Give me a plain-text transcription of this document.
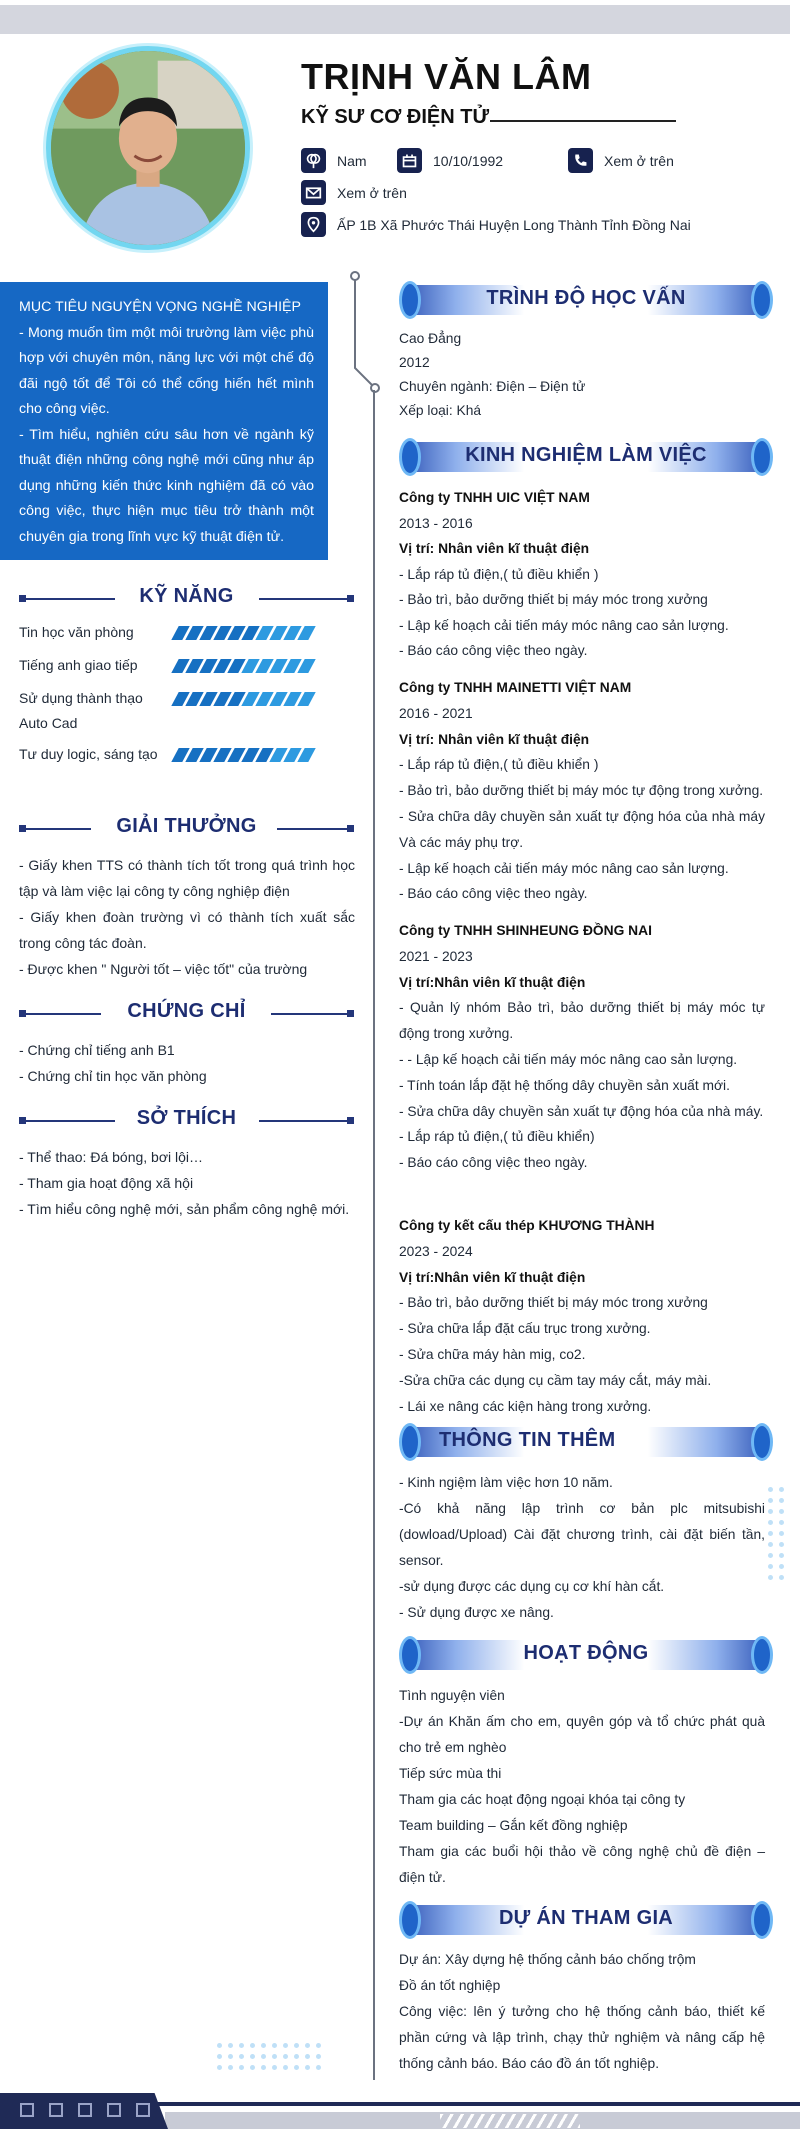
TRỊNH VĂN LÂM
KỸ SƯ CƠ ĐIỆN TỬ
Nam	10/10/1992	Xem ở trên
Xem ở trên
ẤP 1B Xã Phước Thái Huyện Long Thành Tỉnh Đồng Nai
MỤC TIÊU NGUYỆN VỌNG NGHỀ NGHIỆP
- Mong muốn tìm một môi trường làm việc phù hợp với chuyên môn, năng lực với một chế độ đãi ngộ tốt để Tôi có thể cống hiến hết mình cho công việc.
- Tìm hiểu, nghiên cứu sâu hơn về ngành kỹ thuật điện những công nghệ mới cũng như áp dụng những kiến thức kinh nghiệm đã có vào công việc, thực hiện mục tiêu trở thành một chuyên gia trong lĩnh vực kỹ thuật điện tử.
KỸ NĂNG
Tin học văn phòng
Tiếng anh giao tiếp
Sử dụng thành thạo Auto Cad
Tư duy logic, sáng tạo
GIẢI THƯỞNG
- Giấy khen TTS có thành tích tốt trong quá trình học tập và làm việc lại công ty công nghiệp điện
- Giấy khen đoàn trường vì có thành tích xuất sắc trong công tác đoàn.
- Được khen " Người tốt – việc tốt" của trường
CHỨNG CHỈ
- Chứng chỉ tiếng anh B1
- Chứng chỉ tin học văn phòng
SỞ THÍCH
- Thể thao: Đá bóng, bơi lội…
- Tham gia hoạt động xã hội
- Tìm hiểu công nghệ mới, sản phẩm công nghệ mới.
TRÌNH ĐỘ HỌC VẤN
Cao Đẳng
2012
Chuyên ngành: Điện – Điện tử
Xếp loại: Khá
KINH NGHIỆM LÀM VIỆC
Công ty TNHH UIC VIỆT NAM
2013 - 2016
Vị trí: Nhân viên kĩ thuật điện
- Lắp ráp tủ điện,( tủ điều khiển )
- Bảo trì, bảo dưỡng thiết bị máy móc trong xưởng
- Lập kế hoạch cải tiến máy móc nâng cao sản lượng.
- Báo cáo công việc theo ngày.
Công ty TNHH MAINETTI VIỆT NAM
2016 - 2021
Vị trí: Nhân viên kĩ thuật điện
- Lắp ráp tủ điện,( tủ điều khiển )
- Bảo trì, bảo dưỡng thiết bị máy móc tự động trong xưởng.
- Sửa chữa dây chuyền sản xuất tự động hóa của nhà máy Và các máy phụ trợ.
- Lập kế hoạch cải tiến máy móc nâng cao sản lượng.
- Báo cáo công việc theo ngày.
Công ty TNHH SHINHEUNG ĐỒNG NAI
2021 - 2023
Vị trí:Nhân viên kĩ thuật điện
- Quản lý nhóm Bảo trì, bảo dưỡng thiết bị máy móc tự động trong xưởng.
- - Lập kế hoạch cải tiến máy móc nâng cao sản lượng.
- Tính toán lắp đặt hệ thống dây chuyền sản xuất mới.
- Sửa chữa dây chuyền sản xuất tự động hóa của nhà máy.
- Lắp ráp tủ điện,( tủ điều khiển)
- Báo cáo công việc theo ngày.
Công ty kết cấu thép KHƯƠNG THÀNH
2023 - 2024
Vị trí:Nhân viên kĩ thuật điện
- Bảo trì, bảo dưỡng thiết bị máy móc trong xưởng
- Sửa chữa lắp đặt cấu trục trong xưởng.
- Sửa chữa máy hàn mig, co2.
-Sửa chữa các dụng cụ cầm tay máy cắt, máy mài.
- Lái xe nâng các kiện hàng trong xưởng.
THÔNG TIN THÊM
- Kinh ngiệm làm việc hơn 10 năm.
-Có khả năng lập trình cơ bản plc mitsubishi (dowload/Upload) Cài đặt chương trình, cài đặt biến tần, sensor.
-sử dụng được các dụng cụ cơ khí hàn cắt.
- Sử dụng được xe nâng.
HOẠT ĐỘNG
Tình nguyện viên
-Dự án Khăn ấm cho em, quyên góp và tổ chức phát quà cho trẻ em nghèo
Tiếp sức mùa thi
Tham gia các hoạt động ngoại khóa tại công ty
Team building – Gắn kết đồng nghiệp
Tham gia các buổi hội thảo về công nghệ chủ đề điện – điện tử.
DỰ ÁN THAM GIA
Dự án: Xây dựng hệ thống cảnh báo chống trộm
Đồ án tốt nghiệp
Công việc: lên ý tưởng cho hệ thống cảnh báo, thiết kế phần cứng và lập trình, chạy thử nghiệm và nâng cấp hệ thống cảnh báo. Báo cáo đồ án tốt nghiệp.
